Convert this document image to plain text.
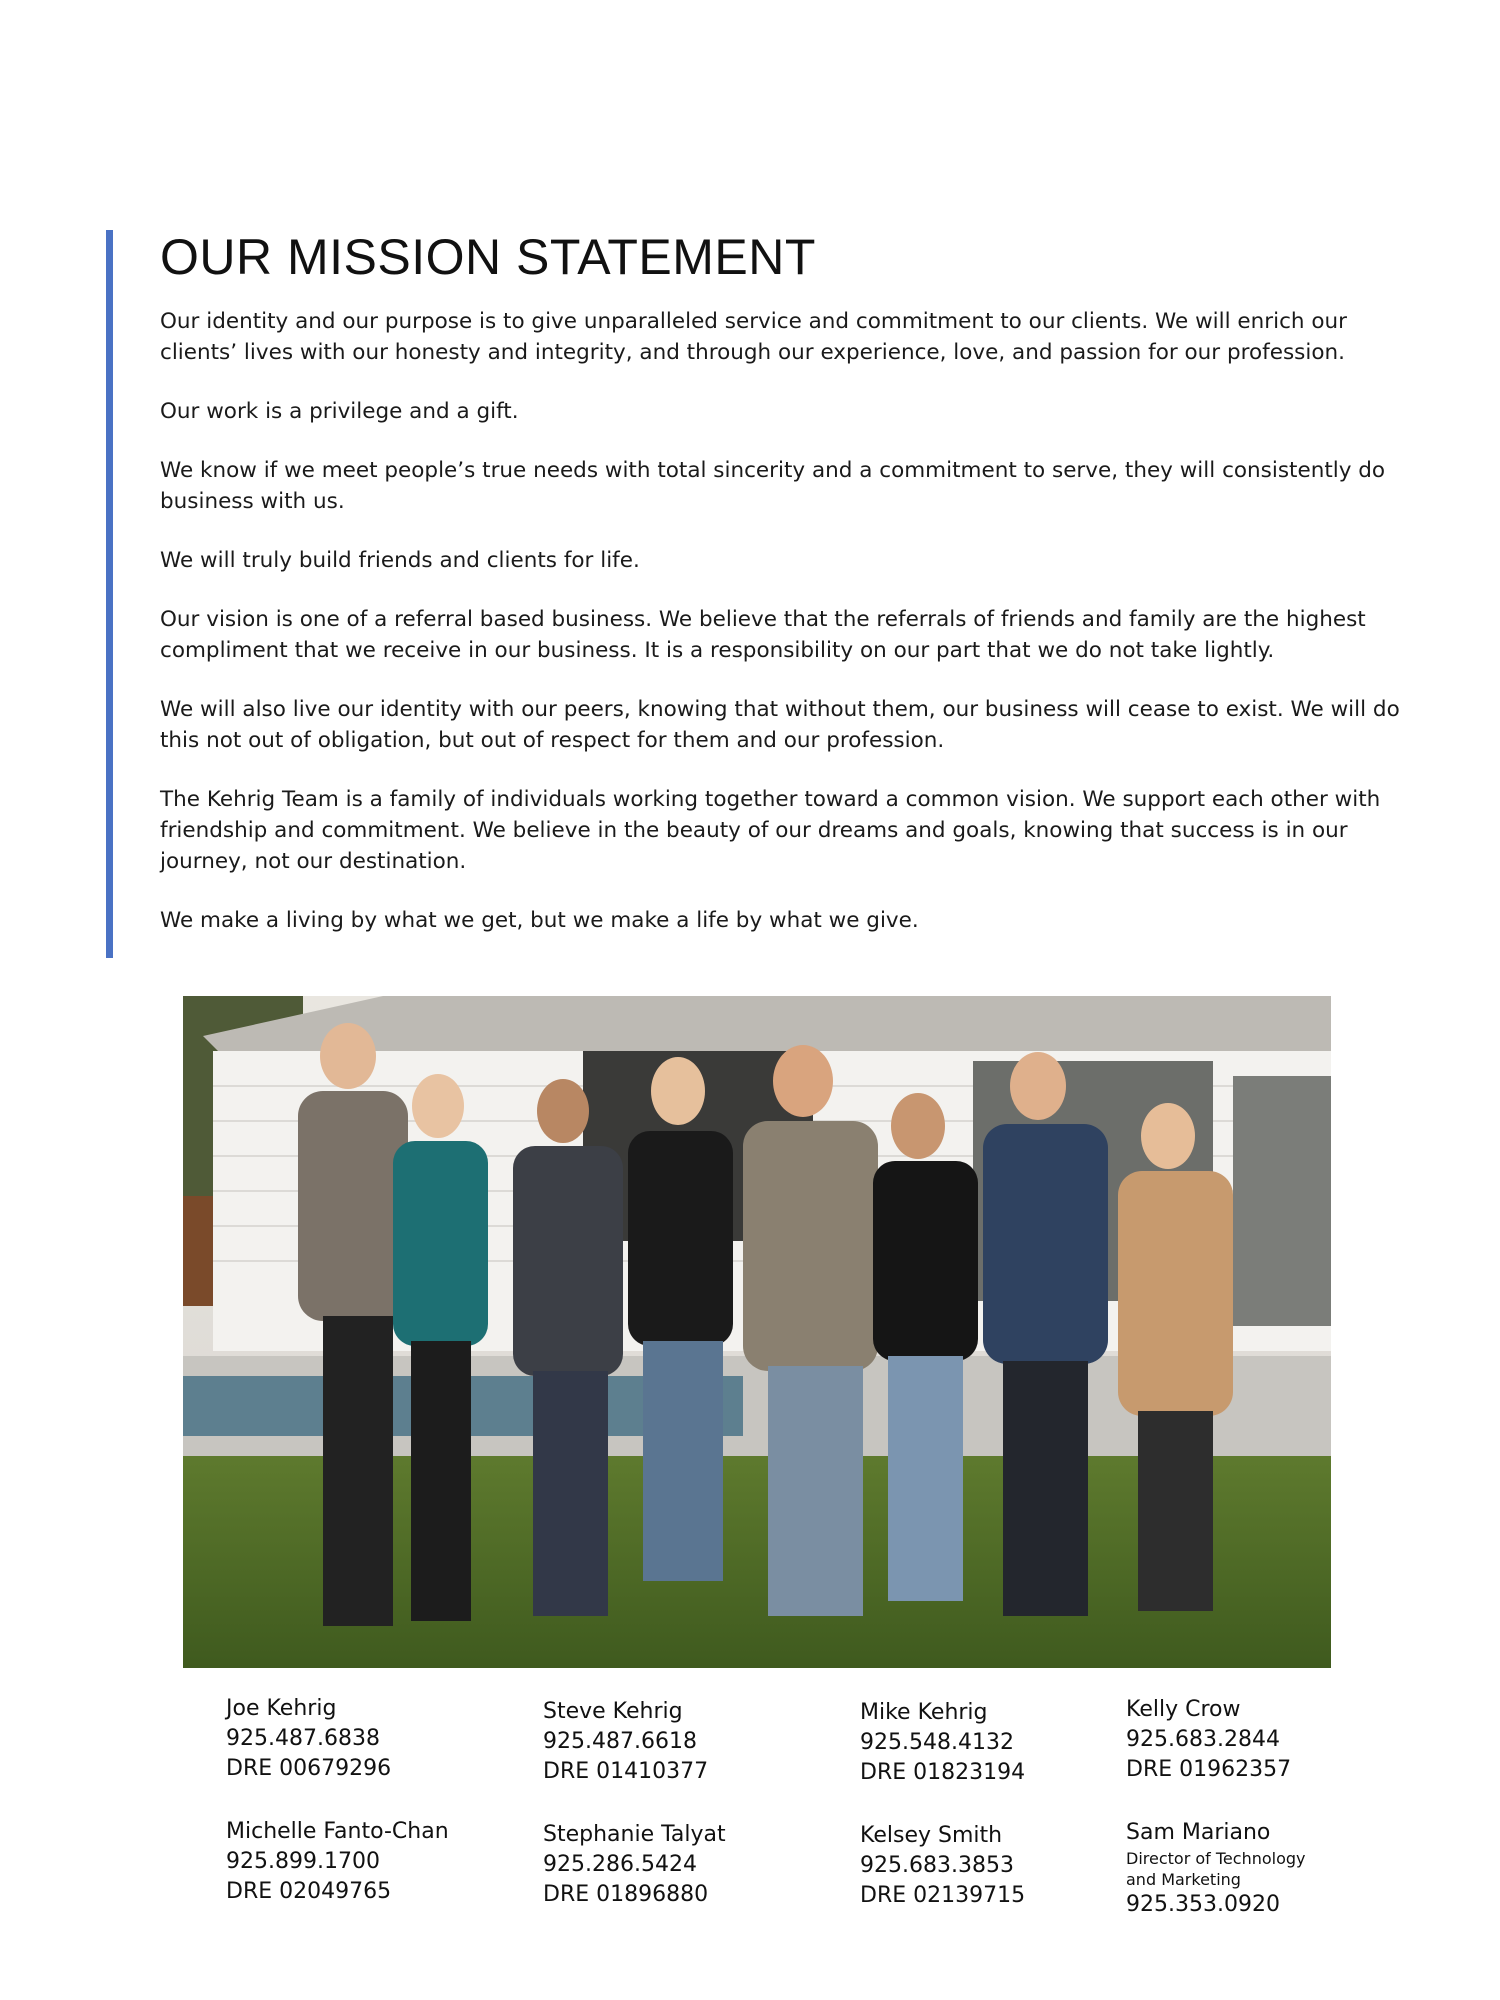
OUR MISSION STATEMENT

Our identity and our purpose is to give unparalleled service and commitment to our clients. We will enrich our clients’ lives with our honesty and integrity, and through our experience, love, and passion for our profession.

Our work is a privilege and a gift.

We know if we meet people’s true needs with total sincerity and a commitment to serve, they will consistently do business with us.

We will truly build friends and clients for life.

Our vision is one of a referral based business. We believe that the referrals of friends and family are the highest compliment that we receive in our business. It is a responsibility on our part that we do not take lightly.

We will also live our identity with our peers, knowing that without them, our business will cease to exist. We will do this not out of obligation, but out of respect for them and our profession.

The Kehrig Team is a family of individuals working together toward a common vision. We support each other with friendship and commitment. We believe in the beauty of our dreams and goals, knowing that success is in our journey, not our destination.

We make a living by what we get, but we make a life by what we give.

Joe Kehrig
925.487.6838
DRE 00679296
Steve Kehrig
925.487.6618
DRE 01410377
Mike Kehrig
925.548.4132
DRE 01823194
Kelly Crow
925.683.2844
DRE 01962357
Michelle Fanto-Chan
925.899.1700
DRE 02049765
Stephanie Talyat
925.286.5424
DRE 01896880
Kelsey Smith
925.683.3853
DRE 02139715
Sam Mariano
Director of Technology
and Marketing
925.353.0920
